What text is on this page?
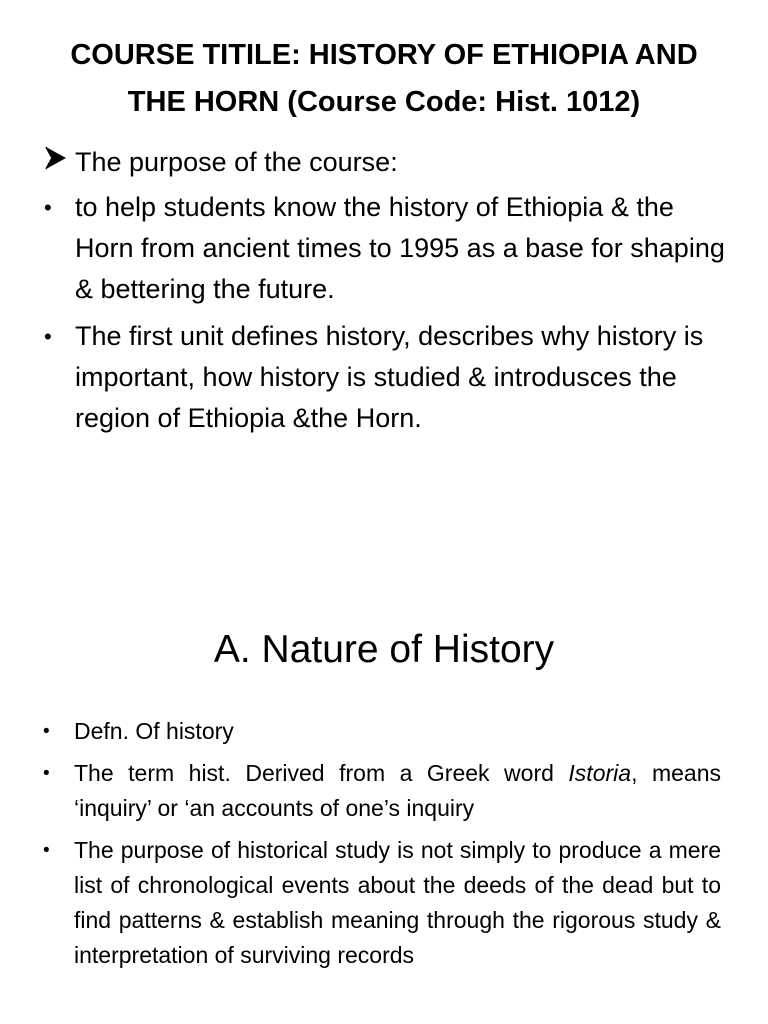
COURSE TITILE: HISTORY OF ETHIOPIA AND
THE HORN (Course Code: Hist. 1012)
The purpose of the course:
• to help students know the history of Ethiopia & the Horn from ancient times to 1995 as a base for shaping & bettering the future.
• The first unit defines history, describes why history is important, how history is studied & introdusces the region of Ethiopia &the Horn.
A. Nature of History
•	Defn. Of history
•	The term hist. Derived from a Greek word Istoria, means ‘inquiry’ or ‘an accounts of one’s inquiry
•	The purpose of historical study is not simply to produce a mere list of chronological events about the deeds of the dead but to find patterns & establish meaning through the rigorous study & interpretation of surviving records
